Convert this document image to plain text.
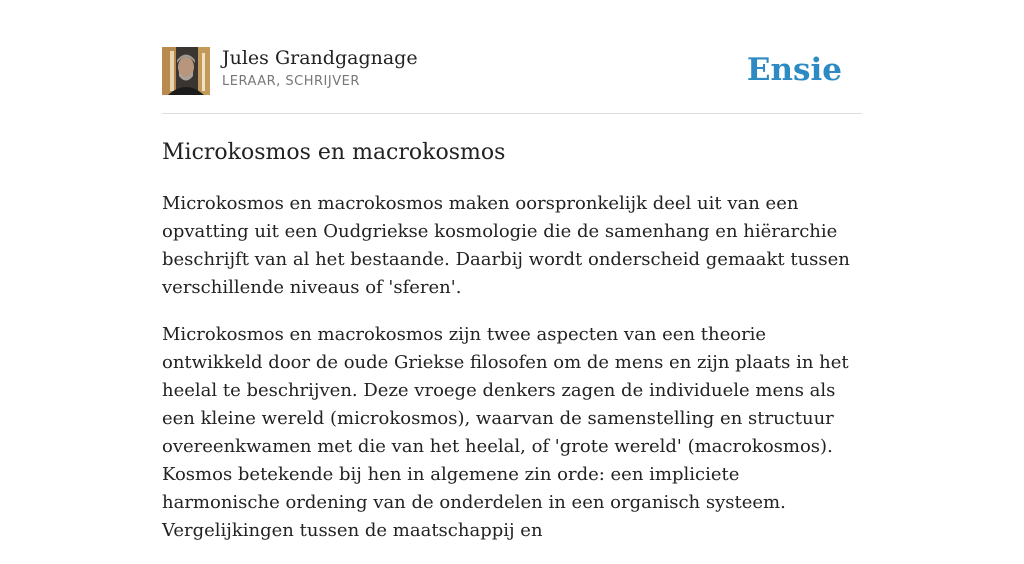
Jules Grandgagnage
LERAAR, SCHRIJVER	Ensie
Microkosmos en macrokosmos

Microkosmos en macrokosmos maken oorspronkelijk deel uit van een opvatting uit een Oudgriekse kosmologie die de samenhang en hiërarchie beschrijft van al het bestaande. Daarbij wordt onderscheid gemaakt tussen verschillende niveaus of 'sferen'.

Microkosmos en macrokosmos zijn twee aspecten van een theorie ontwikkeld door de oude Griekse filosofen om de mens en zijn plaats in het heelal te beschrijven. Deze vroege denkers zagen de individuele mens als een kleine wereld (microkosmos), waarvan de samenstelling en structuur overeenkwamen met die van het heelal, of 'grote wereld' (macrokosmos). Kosmos betekende bij hen in algemene zin orde: een impliciete harmonische ordening van de onderdelen in een organisch systeem. Vergelijkingen tussen de maatschappij en
